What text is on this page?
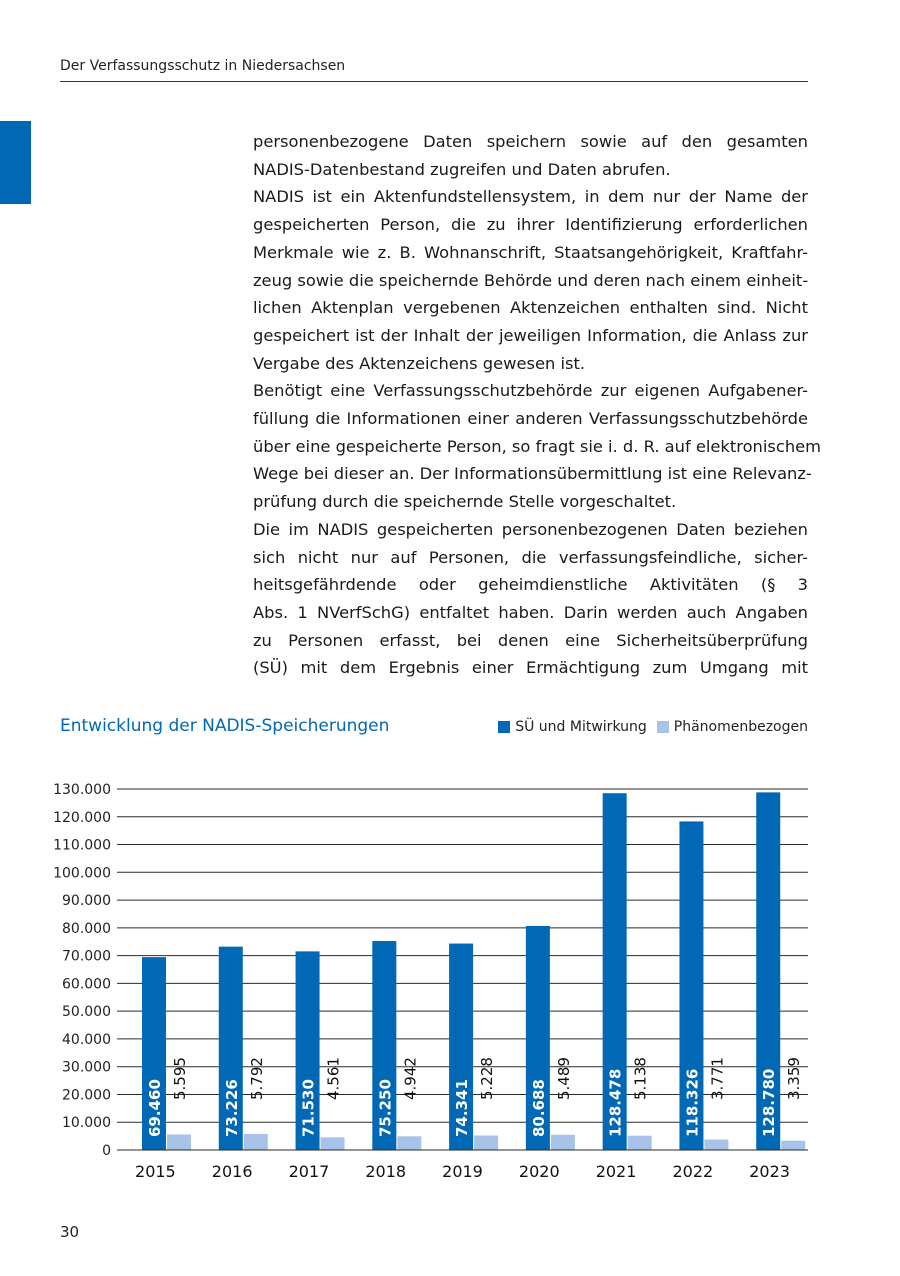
Der Verfassungsschutz in Niedersachsen
personenbezogene Daten speichern sowie auf den gesamten
NADIS-Datenbestand zugreifen und Daten abrufen.
NADIS ist ein Aktenfundstellensystem, in dem nur der Name der
gespeicherten Person, die zu ihrer Identifizierung erforderlichen
Merkmale wie z. B. Wohnanschrift, Staatsangehörigkeit, Kraftfahr-
zeug sowie die speichernde Behörde und deren nach einem einheit-
lichen Aktenplan vergebenen Aktenzeichen enthalten sind. Nicht
gespeichert ist der Inhalt der jeweiligen Information, die Anlass zur
Vergabe des Aktenzeichens gewesen ist.
Benötigt eine Verfassungsschutzbehörde zur eigenen Aufgabener-
füllung die Informationen einer anderen Verfassungsschutzbehörde
über eine gespeicherte Person, so fragt sie i. d. R. auf elektronischem
Wege bei dieser an. Der Informationsübermittlung ist eine Relevanz-
prüfung durch die speichernde Stelle vorgeschaltet.
Die im NADIS gespeicherten personenbezogenen Daten beziehen
sich nicht nur auf Personen, die verfassungsfeindliche, sicher-
heitsgefährdende oder geheimdienstliche Aktivitäten (§ 3
Abs. 1 NVerfSchG) entfaltet haben. Darin werden auch Angaben
zu Personen erfasst, bei denen eine Sicherheitsüberprüfung
(SÜ) mit dem Ergebnis einer Ermächtigung zum Umgang mit
Entwicklung der NADIS-Speicherungen	SÜ und Mitwirkung Phänomenbezogen
0
10.000
20.000
30.000
40.000
50.000
60.000
70.000
80.000
90.000
100.000
110.000
120.000
130.000
69.460
5.595
2015
73.226
5.792
2016
71.530
4.561
2017
75.250
4.942
2018
74.341
5.228
2019
80.688
5.489
2020
128.478 5.138
2021
118.326 3.771
2022
128.780 3.359
2023
30
